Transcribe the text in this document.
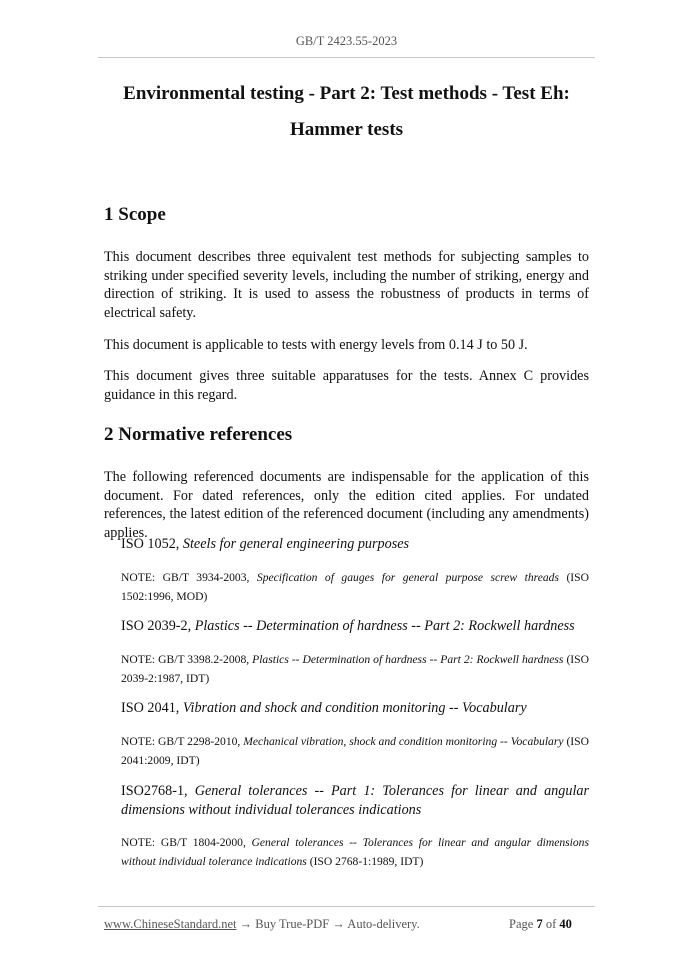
GB/T 2423.55-2023
Environmental testing - Part 2: Test methods - Test Eh:
Hammer tests
1 Scope
This document describes three equivalent test methods for subjecting samples to striking under specified severity levels, including the number of striking, energy and direction of striking. It is used to assess the robustness of products in terms of electrical safety.
This document is applicable to tests with energy levels from 0.14 J to 50 J.
This document gives three suitable apparatuses for the tests. Annex C provides guidance in this regard.
2 Normative references
The following referenced documents are indispensable for the application of this document. For dated references, only the edition cited applies. For undated references, the latest edition of the referenced document (including any amendments) applies.
ISO 1052, Steels for general engineering purposes
NOTE: GB/T 3934-2003, Specification of gauges for general purpose screw threads (ISO 1502:1996, MOD)
ISO 2039-2, Plastics -- Determination of hardness -- Part 2: Rockwell hardness
NOTE: GB/T 3398.2-2008, Plastics -- Determination of hardness -- Part 2: Rockwell hardness (ISO 2039-2:1987, IDT)
ISO 2041, Vibration and shock and condition monitoring -- Vocabulary
NOTE: GB/T 2298-2010, Mechanical vibration, shock and condition monitoring -- Vocabulary (ISO 2041:2009, IDT)
ISO2768-1, General tolerances -- Part 1: Tolerances for linear and angular dimensions without individual tolerances indications
NOTE: GB/T 1804-2000, General tolerances -- Tolerances for linear and angular dimensions without individual tolerance indications (ISO 2768-1:1989, IDT)
www.ChineseStandard.net → Buy True-PDF → Auto-delivery.	Page 7 of 40
